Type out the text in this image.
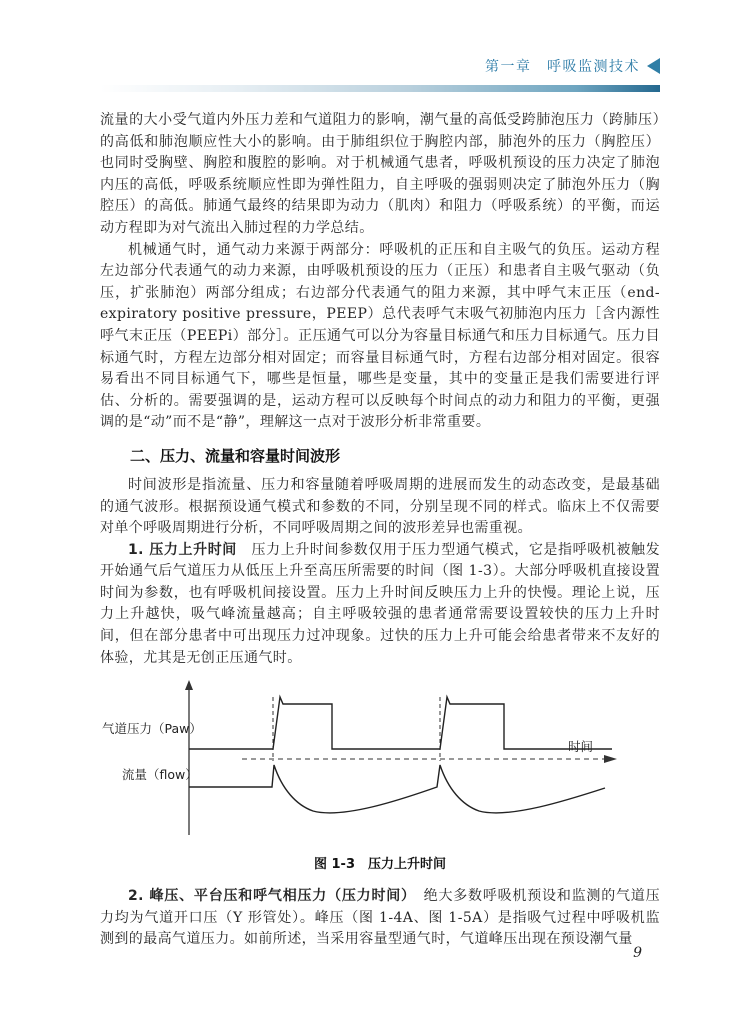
第一章　呼吸监测技术

流量的大小受气道内外压力差和气道阻力的影响，潮气量的高低受跨肺泡压力（跨肺压）的高低和肺泡顺应性大小的影响。由于肺组织位于胸腔内部，肺泡外的压力（胸腔压）也同时受胸壁、胸腔和腹腔的影响。对于机械通气患者，呼吸机预设的压力决定了肺泡内压的高低，呼吸系统顺应性即为弹性阻力，自主呼吸的强弱则决定了肺泡外压力（胸腔压）的高低。肺通气最终的结果即为动力（肌肉）和阻力（呼吸系统）的平衡，而运动方程即为对气流出入肺过程的力学总结。

机械通气时，通气动力来源于两部分：呼吸机的正压和自主吸气的负压。运动方程左边部分代表通气的动力来源，由呼吸机预设的压力（正压）和患者自主吸气驱动（负压，扩张肺泡）两部分组成；右边部分代表通气的阻力来源，其中呼气末正压（end-expiratory positive pressure，PEEP）总代表呼气末吸气初肺泡内压力［含内源性呼气末正压（PEEPi）部分］。正压通气可以分为容量目标通气和压力目标通气。压力目标通气时，方程左边部分相对固定；而容量目标通气时，方程右边部分相对固定。很容易看出不同目标通气下，哪些是恒量，哪些是变量，其中的变量正是我们需要进行评估、分析的。需要强调的是，运动方程可以反映每个时间点的动力和阻力的平衡，更强调的是“动”而不是“静”，理解这一点对于波形分析非常重要。

二、压力、流量和容量时间波形

时间波形是指流量、压力和容量随着呼吸周期的进展而发生的动态改变，是最基础的通气波形。根据预设通气模式和参数的不同，分别呈现不同的样式。临床上不仅需要对单个呼吸周期进行分析，不同呼吸周期之间的波形差异也需重视。

1. 压力上升时间　压力上升时间参数仅用于压力型通气模式，它是指呼吸机被触发开始通气后气道压力从低压上升至高压所需要的时间（图 1-3）。大部分呼吸机直接设置时间为参数，也有呼吸机间接设置。压力上升时间反映压力上升的快慢。理论上说，压力上升越快，吸气峰流量越高；自主呼吸较强的患者通常需要设置较快的压力上升时间，但在部分患者中可出现压力过冲现象。过快的压力上升可能会给患者带来不友好的体验，尤其是无创正压通气时。

气道压力（Paw）
流量（flow）
时间
图 1-3　压力上升时间

2. 峰压、平台压和呼气相压力（压力时间）　绝大多数呼吸机预设和监测的气道压力均为气道开口压（Y 形管处）。峰压（图 1-4A、图 1-5A）是指吸气过程中呼吸机监测到的最高气道压力。如前所述，当采用容量型通气时，气道峰压出现在预设潮气量

9
